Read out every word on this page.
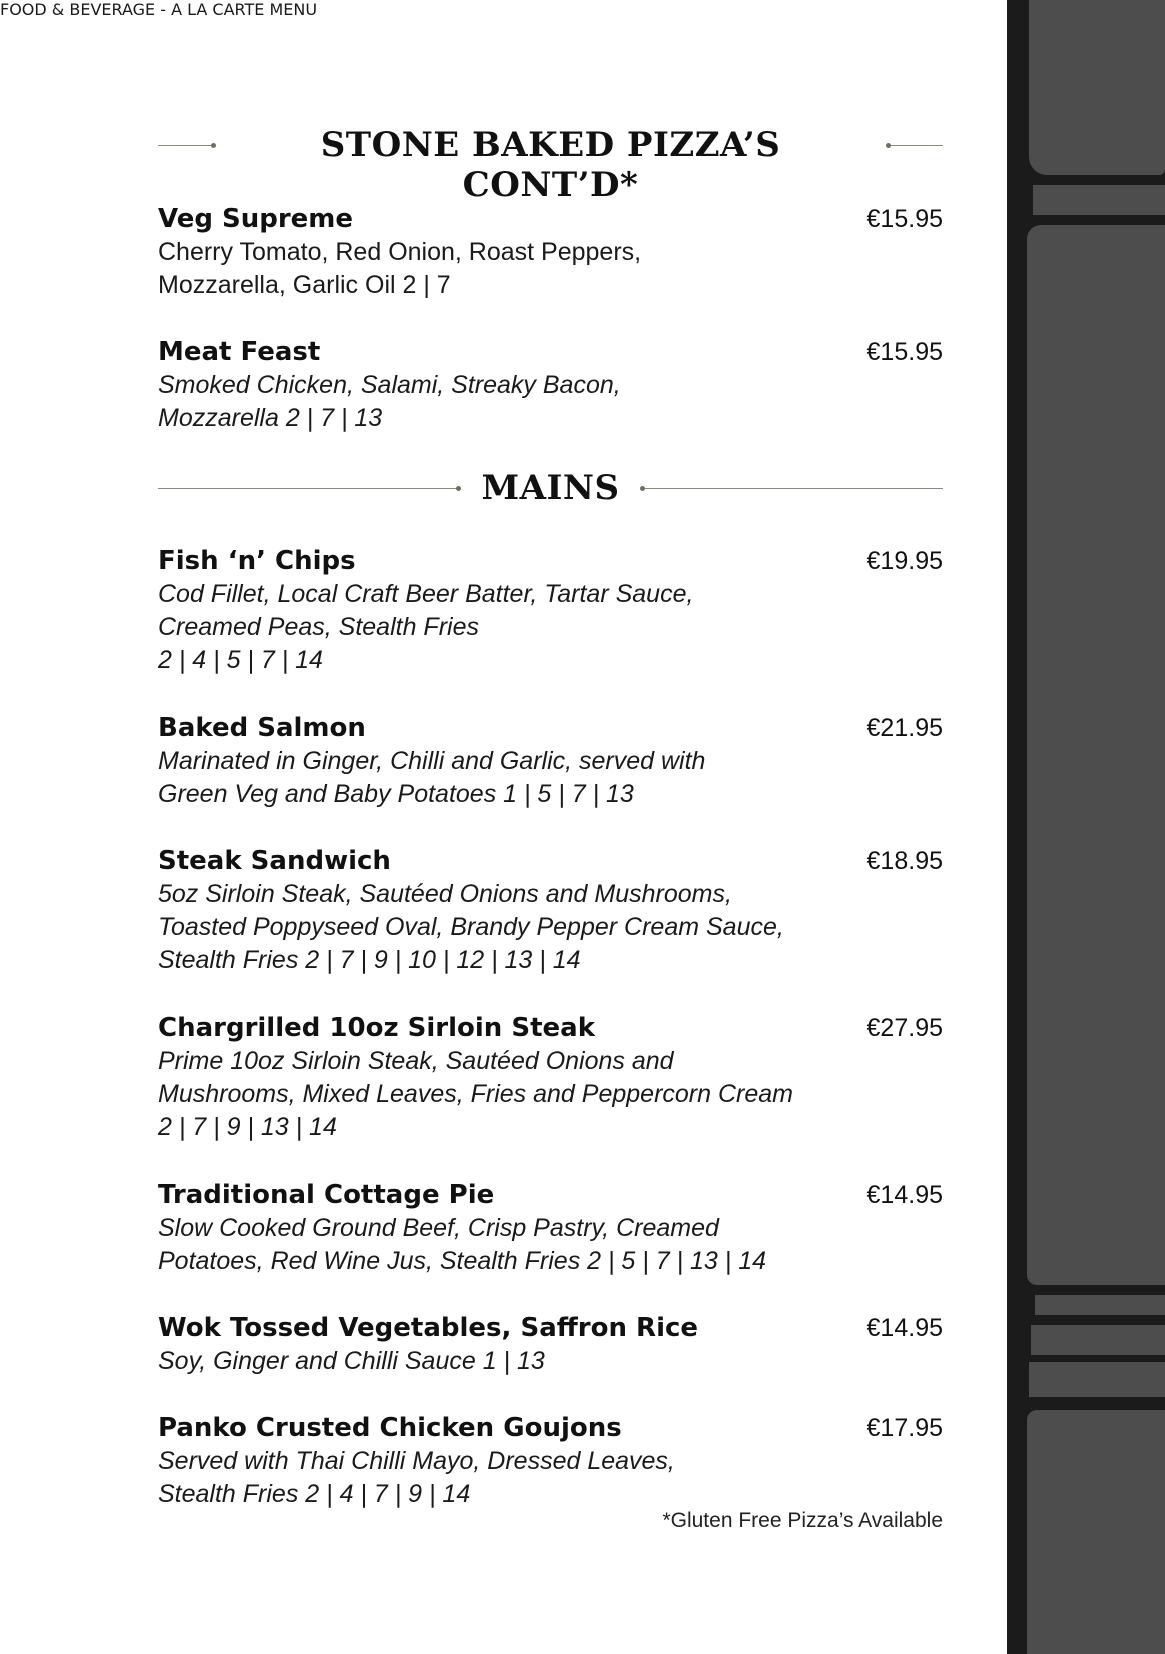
STONE BAKED PIZZA’S CONT’D*
Veg Supreme	€15.95
Cherry Tomato, Red Onion, Roast Peppers,
Mozzarella, Garlic Oil 2 | 7
Meat Feast	€15.95
Smoked Chicken, Salami, Streaky Bacon,
Mozzarella 2 | 7 | 13
MAINS
Fish ‘n’ Chips	€19.95
Cod Fillet, Local Craft Beer Batter, Tartar Sauce,
Creamed Peas, Stealth Fries
2 | 4 | 5 | 7 | 14
Baked Salmon	€21.95
Marinated in Ginger, Chilli and Garlic, served with
Green Veg and Baby Potatoes 1 | 5 | 7 | 13
Steak Sandwich	€18.95
5oz Sirloin Steak, Sautéed Onions and Mushrooms,
Toasted Poppyseed Oval, Brandy Pepper Cream Sauce,
Stealth Fries 2 | 7 | 9 | 10 | 12 | 13 | 14
Chargrilled 10oz Sirloin Steak	€27.95
Prime 10oz Sirloin Steak, Sautéed Onions and
Mushrooms, Mixed Leaves, Fries and Peppercorn Cream
2 | 7 | 9 | 13 | 14
Traditional Cottage Pie	€14.95
Slow Cooked Ground Beef, Crisp Pastry, Creamed
Potatoes, Red Wine Jus, Stealth Fries 2 | 5 | 7 | 13 | 14
Wok Tossed Vegetables, Saffron Rice	€14.95
Soy, Ginger and Chilli Sauce 1 | 13
Panko Crusted Chicken Goujons	€17.95
Served with Thai Chilli Mayo, Dressed Leaves,
Stealth Fries 2 | 4 | 7 | 9 | 14
*Gluten Free Pizza’s Available
FOOD & BEVERAGE - A LA CARTE MENU
